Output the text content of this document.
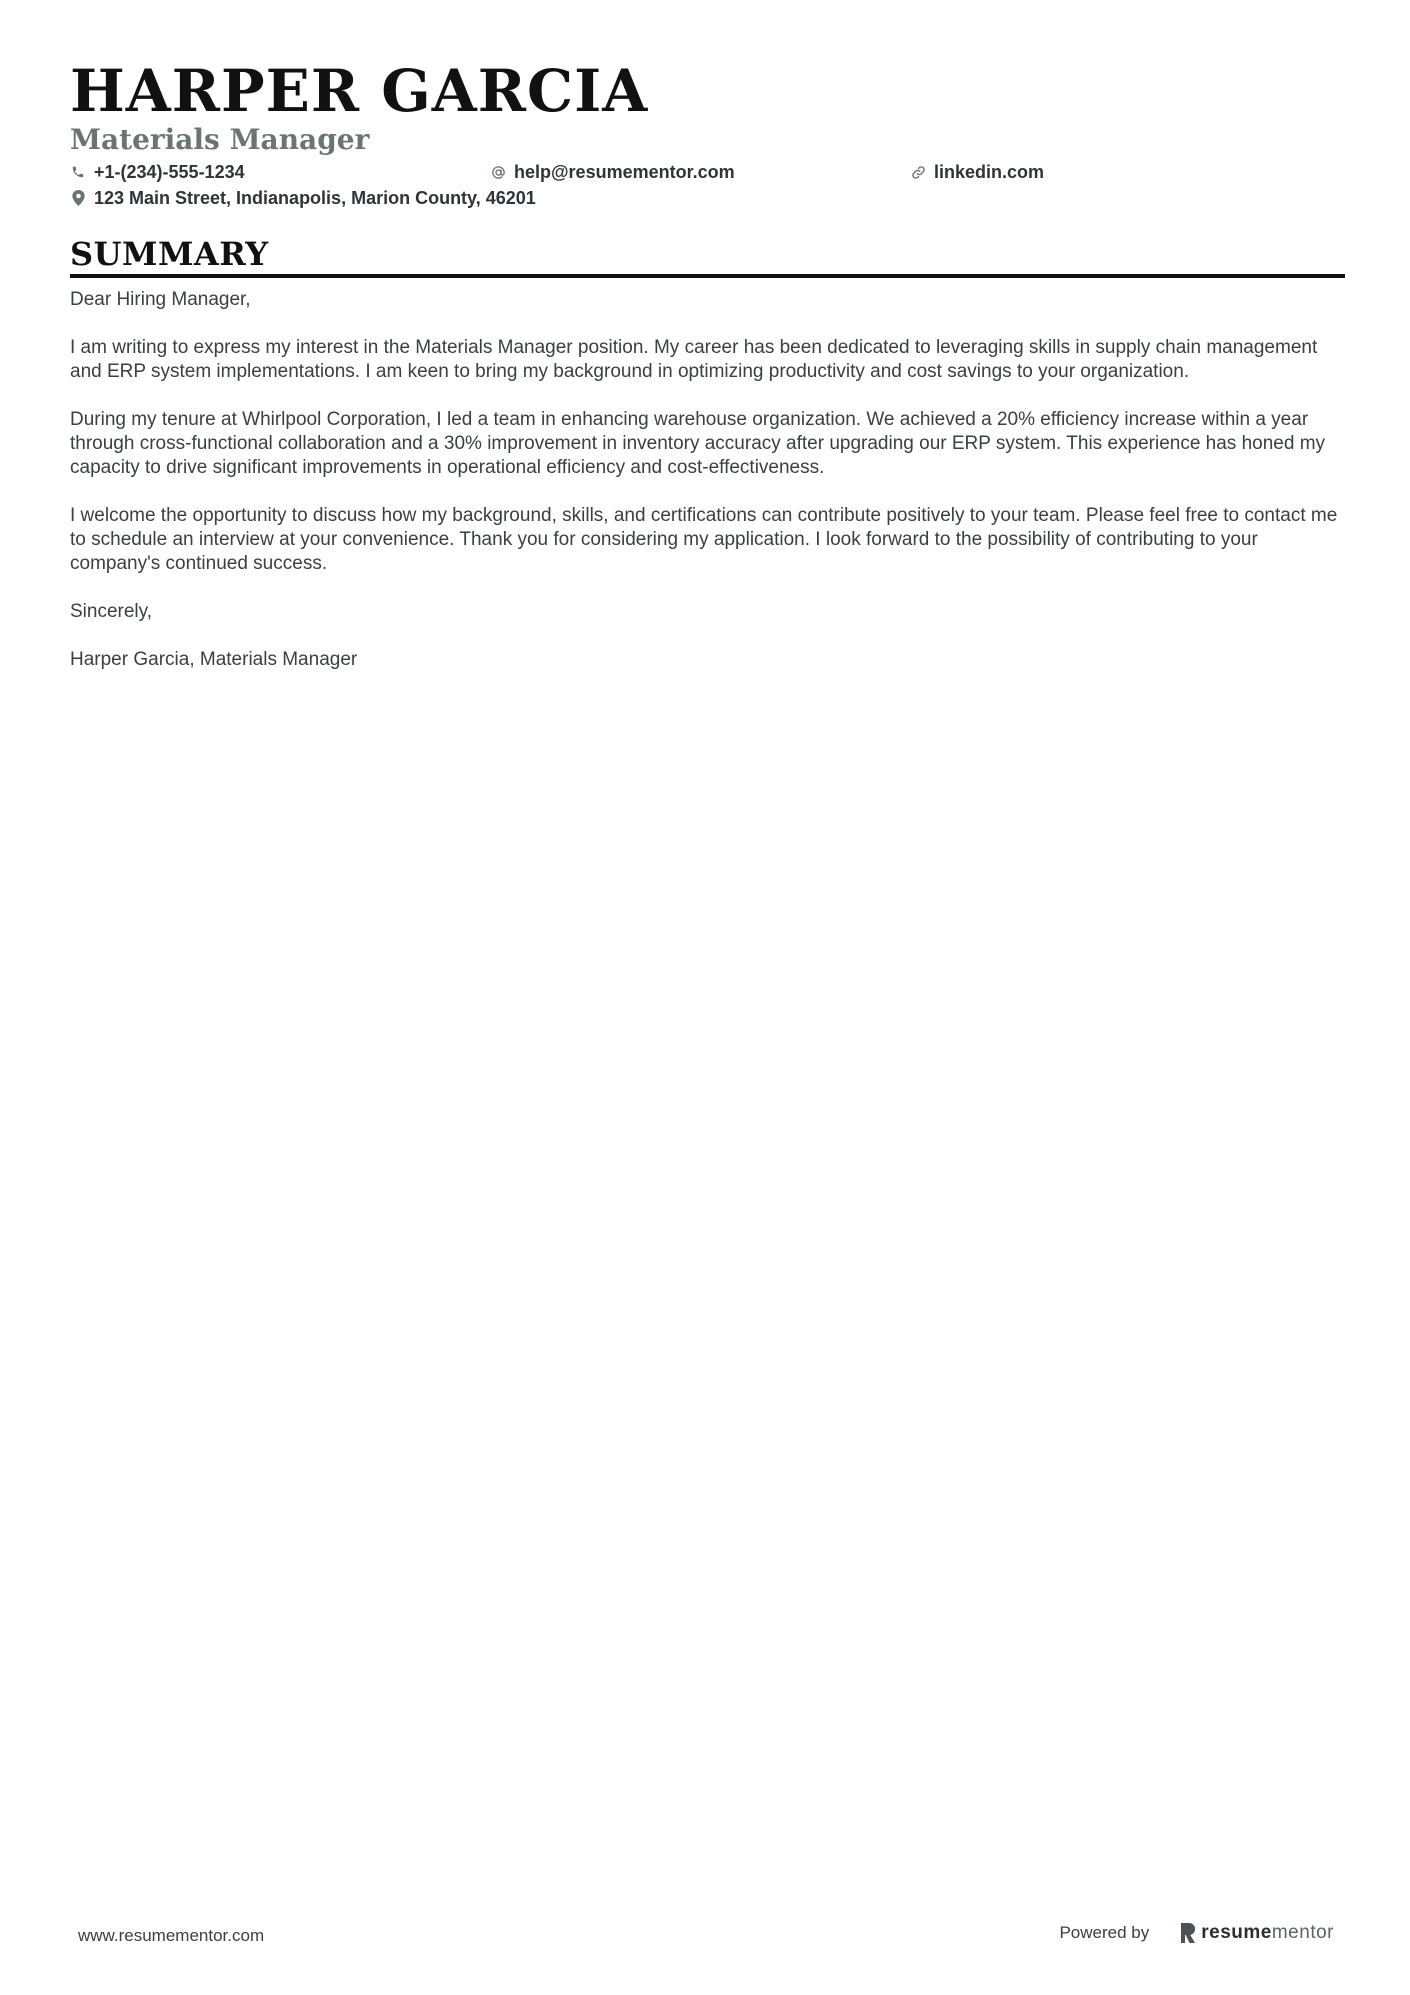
HARPER GARCIA
Materials Manager
+1-(234)-555-1234	help@resumementor.com	linkedin.com
123 Main Street, Indianapolis, Marion County, 46201
SUMMARY

Dear Hiring Manager,

I am writing to express my interest in the Materials Manager position. My career has been dedicated to leveraging skills in supply chain management and ERP system implementations. I am keen to bring my background in optimizing productivity and cost savings to your organization.

During my tenure at Whirlpool Corporation, I led a team in enhancing warehouse organization. We achieved a 20% efficiency increase within a year through cross-functional collaboration and a 30% improvement in inventory accuracy after upgrading our ERP system. This experience has honed my capacity to drive significant improvements in operational efficiency and cost-effectiveness.

I welcome the opportunity to discuss how my background, skills, and certifications can contribute positively to your team. Please feel free to contact me to schedule an interview at your convenience. Thank you for considering my application. I look forward to the possibility of contributing to your company's continued success.

Sincerely,

Harper Garcia, Materials Manager

www.resumementor.com	Powered by	resume mentor
